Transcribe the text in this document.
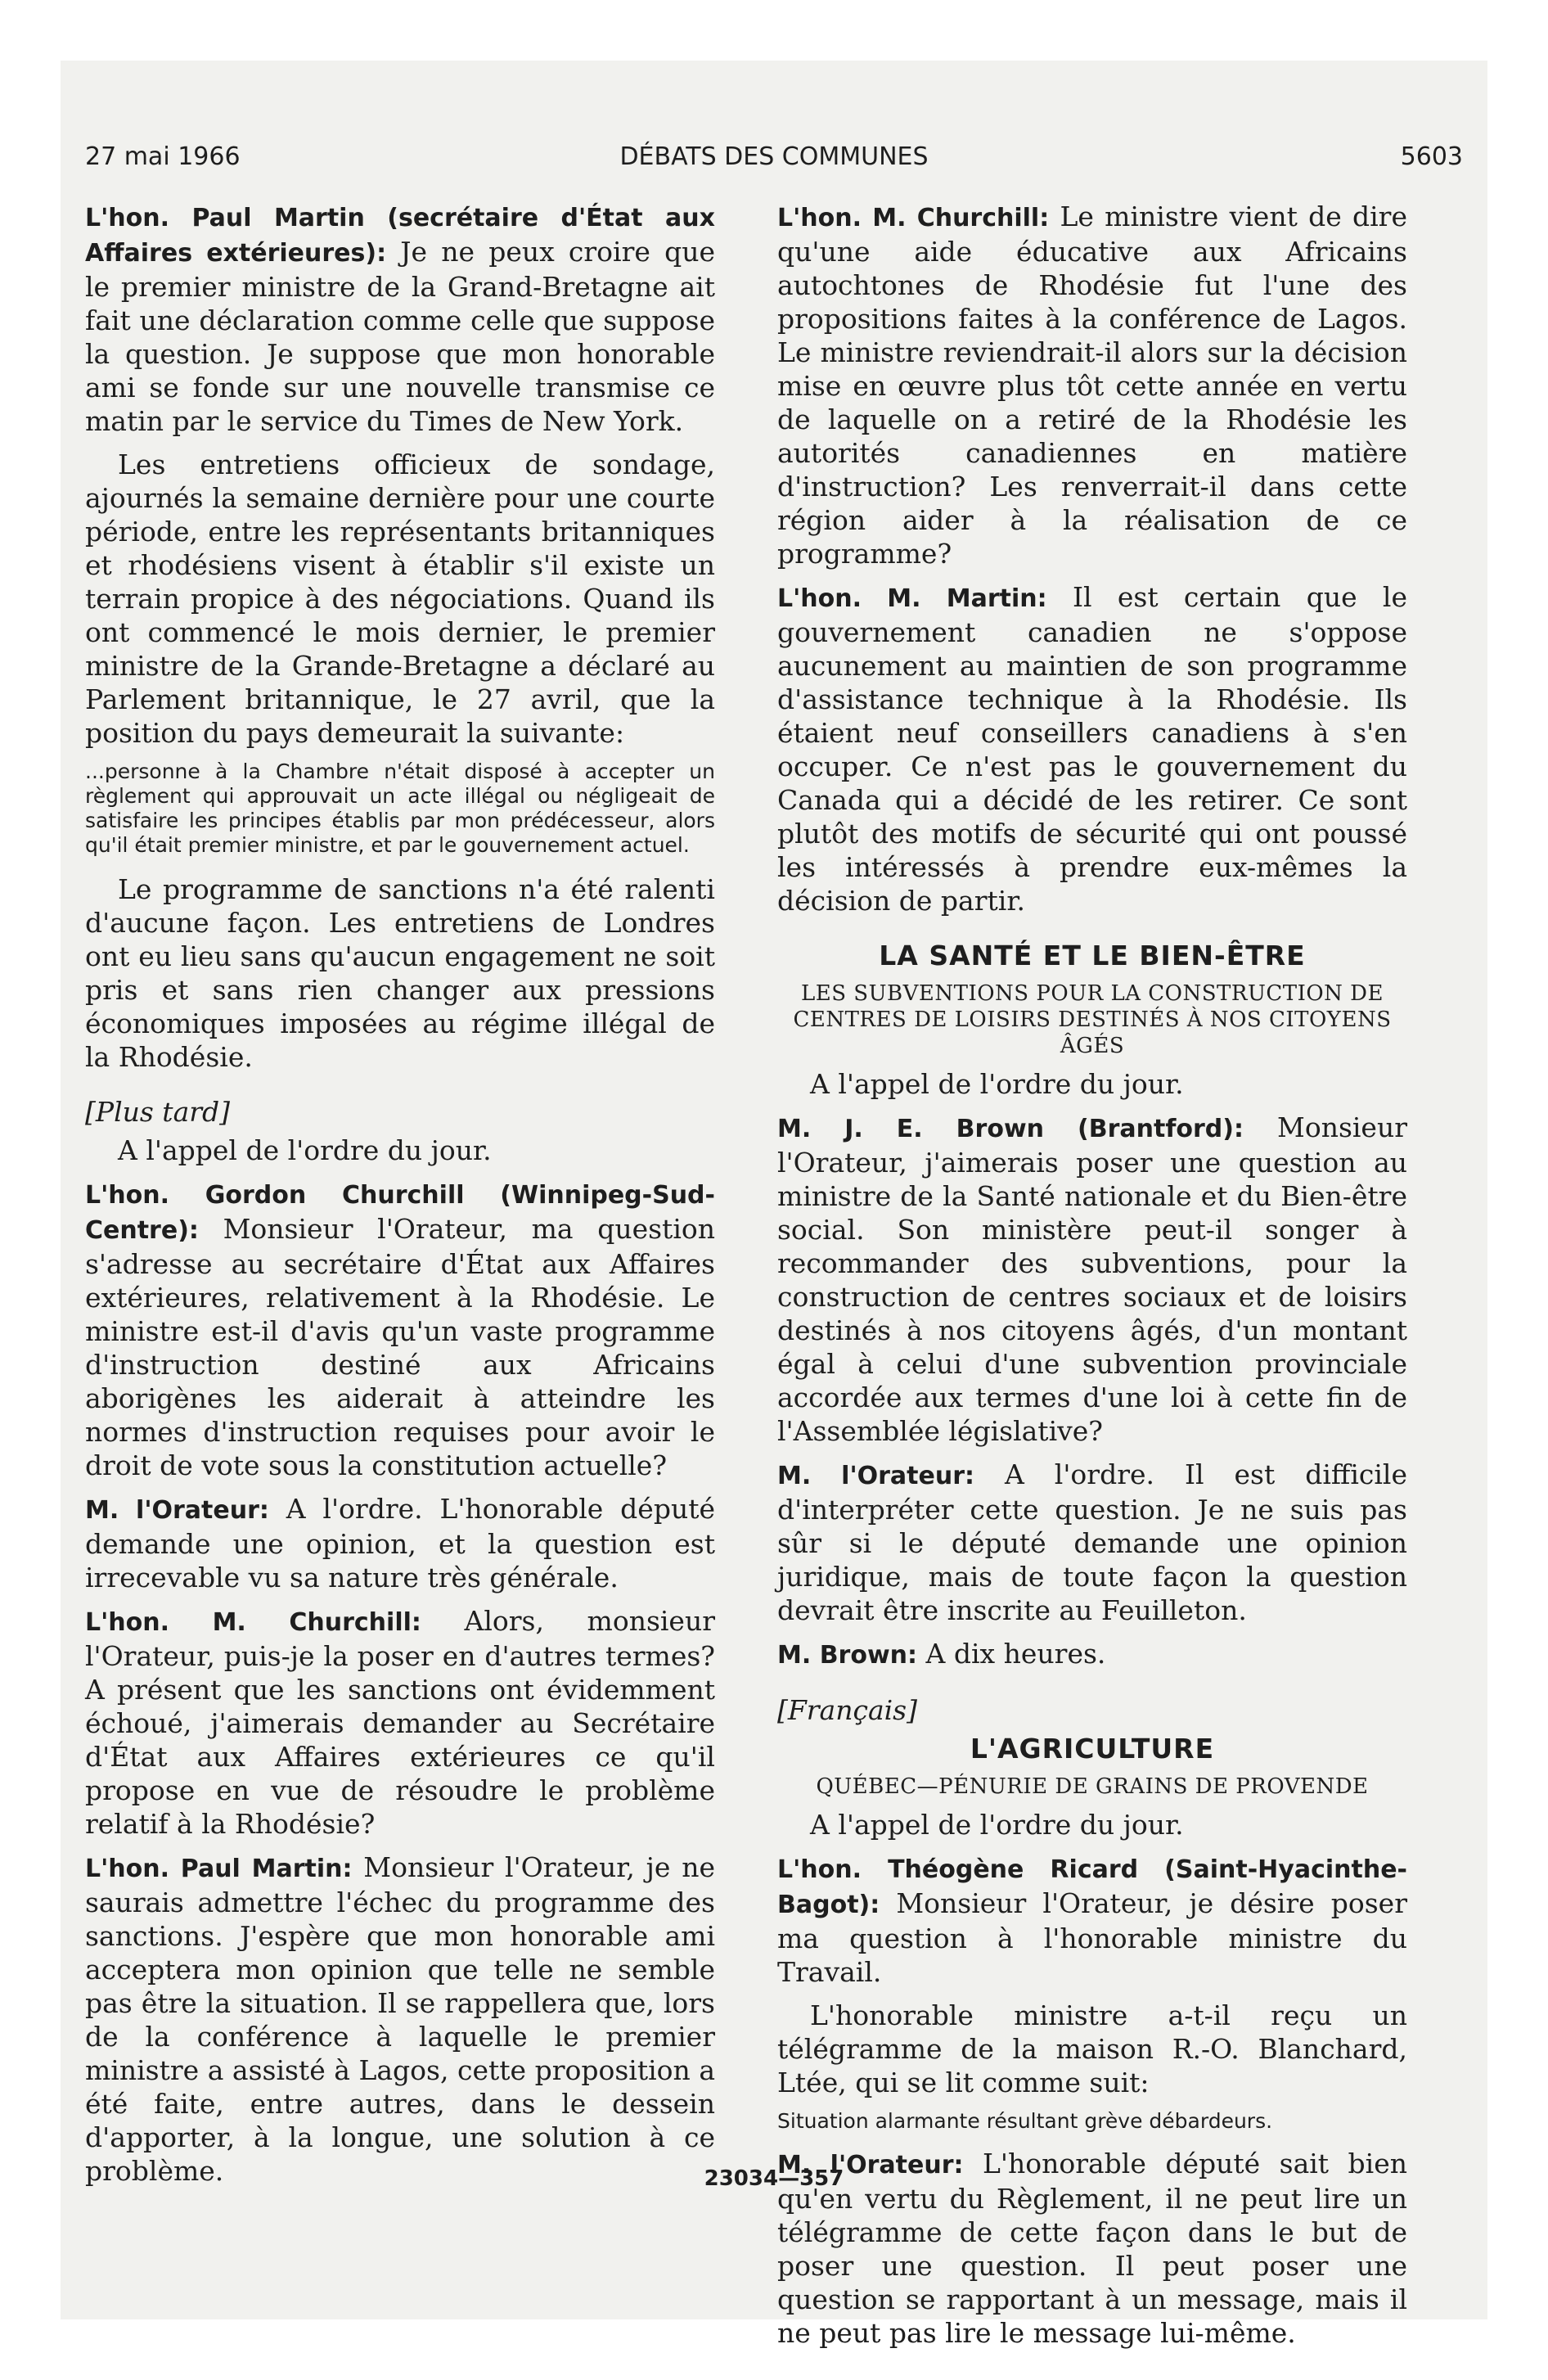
27 mai 1966	DÉBATS DES COMMUNES	5603

L'hon. Paul Martin (secrétaire d'État aux Affaires extérieures): Je ne peux croire que le premier ministre de la Grand-Bretagne ait fait une déclaration comme celle que suppose la question. Je suppose que mon honorable ami se fonde sur une nouvelle transmise ce matin par le service du Times de New York.

Les entretiens officieux de sondage, ajournés la semaine dernière pour une courte période, entre les représentants britanniques et rhodésiens visent à établir s'il existe un terrain propice à des négociations. Quand ils ont commencé le mois dernier, le premier ministre de la Grande-Bretagne a déclaré au Parlement britannique, le 27 avril, que la position du pays demeurait la suivante:

...personne à la Chambre n'était disposé à accepter un règlement qui approuvait un acte illégal ou négligeait de satisfaire les principes établis par mon prédécesseur, alors qu'il était premier ministre, et par le gouvernement actuel.

Le programme de sanctions n'a été ralenti d'aucune façon. Les entretiens de Londres ont eu lieu sans qu'aucun engagement ne soit pris et sans rien changer aux pressions économiques imposées au régime illégal de la Rhodésie.

[Plus tard]

A l'appel de l'ordre du jour.

L'hon. Gordon Churchill (Winnipeg-Sud-Centre): Monsieur l'Orateur, ma question s'adresse au secrétaire d'État aux Affaires extérieures, relativement à la Rhodésie. Le ministre est-il d'avis qu'un vaste programme d'instruction destiné aux Africains aborigènes les aiderait à atteindre les normes d'instruction requises pour avoir le droit de vote sous la constitution actuelle?

M. l'Orateur: A l'ordre. L'honorable député demande une opinion, et la question est irrecevable vu sa nature très générale.

L'hon. M. Churchill: Alors, monsieur l'Orateur, puis-je la poser en d'autres termes? A présent que les sanctions ont évidemment échoué, j'aimerais demander au Secrétaire d'État aux Affaires extérieures ce qu'il propose en vue de résoudre le problème relatif à la Rhodésie?

L'hon. Paul Martin: Monsieur l'Orateur, je ne saurais admettre l'échec du programme des sanctions. J'espère que mon honorable ami acceptera mon opinion que telle ne semble pas être la situation. Il se rappellera que, lors de la conférence à laquelle le premier ministre a assisté à Lagos, cette proposition a été faite, entre autres, dans le dessein d'apporter, à la longue, une solution à ce problème.

L'hon. M. Churchill: Le ministre vient de dire qu'une aide éducative aux Africains autochtones de Rhodésie fut l'une des propositions faites à la conférence de Lagos. Le ministre reviendrait-il alors sur la décision mise en œuvre plus tôt cette année en vertu de laquelle on a retiré de la Rhodésie les autorités canadiennes en matière d'instruction? Les renverrait-il dans cette région aider à la réalisation de ce programme?

L'hon. M. Martin: Il est certain que le gouvernement canadien ne s'oppose aucunement au maintien de son programme d'assistance technique à la Rhodésie. Ils étaient neuf conseillers canadiens à s'en occuper. Ce n'est pas le gouvernement du Canada qui a décidé de les retirer. Ce sont plutôt des motifs de sécurité qui ont poussé les intéressés à prendre eux-mêmes la décision de partir.

LA SANTÉ ET LE BIEN-ÊTRE
LES SUBVENTIONS POUR LA CONSTRUCTION DE CENTRES DE LOISIRS DESTINÉS À NOS CITOYENS ÂGÉS

A l'appel de l'ordre du jour.

M. J. E. Brown (Brantford): Monsieur l'Orateur, j'aimerais poser une question au ministre de la Santé nationale et du Bien-être social. Son ministère peut-il songer à recommander des subventions, pour la construction de centres sociaux et de loisirs destinés à nos citoyens âgés, d'un montant égal à celui d'une subvention provinciale accordée aux termes d'une loi à cette fin de l'Assemblée législative?

M. l'Orateur: A l'ordre. Il est difficile d'interpréter cette question. Je ne suis pas sûr si le député demande une opinion juridique, mais de toute façon la question devrait être inscrite au Feuilleton.

M. Brown: A dix heures.

[Français]
L'AGRICULTURE
QUÉBEC—PÉNURIE DE GRAINS DE PROVENDE

A l'appel de l'ordre du jour.

L'hon. Théogène Ricard (Saint-Hyacinthe-Bagot): Monsieur l'Orateur, je désire poser ma question à l'honorable ministre du Travail.

L'honorable ministre a-t-il reçu un télégramme de la maison R.-O. Blanchard, Ltée, qui se lit comme suit:

Situation alarmante résultant grève débardeurs.

M. l'Orateur: L'honorable député sait bien qu'en vertu du Règlement, il ne peut lire un télégramme de cette façon dans le but de poser une question. Il peut poser une question se rapportant à un message, mais il ne peut pas lire le message lui-même.

23034—357
